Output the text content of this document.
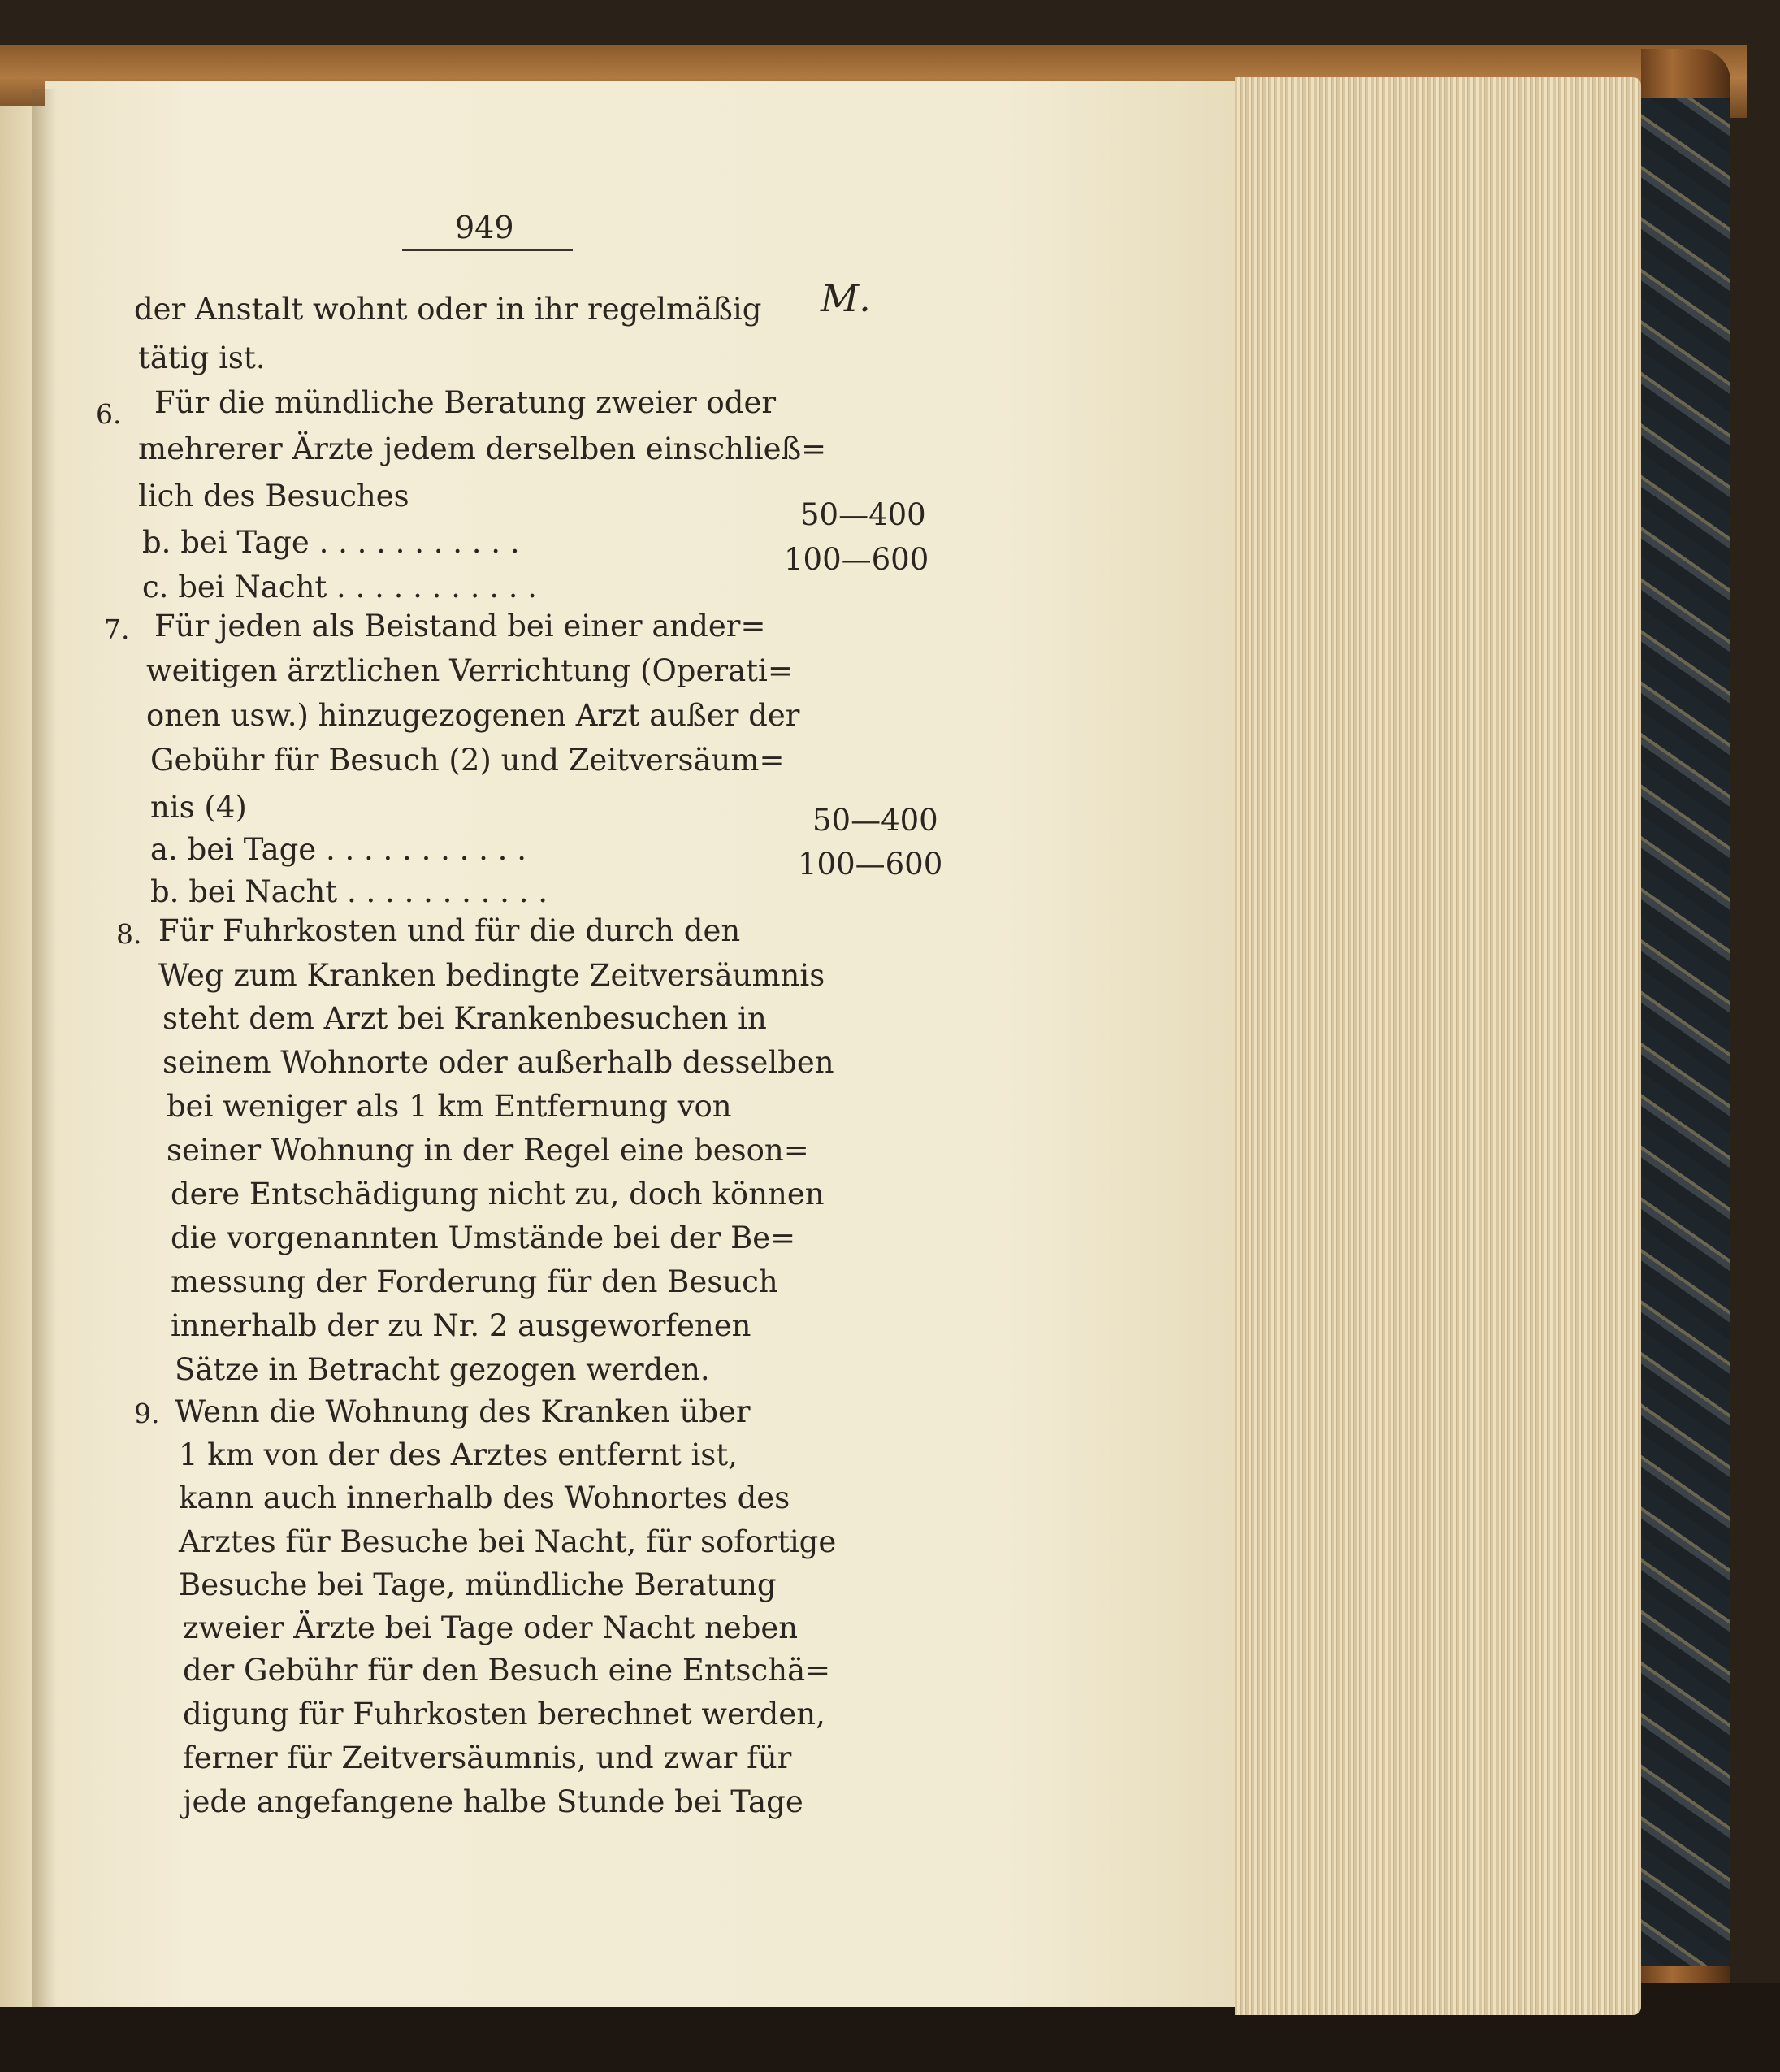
949
M.
6.
7.
8.
9.
der Anstalt wohnt oder in ihr regelmäßig
tätig ist.
Für die mündliche Beratung zweier oder
mehrerer Ärzte jedem derselben einschließ=
lich des Besuches
b. bei Tage . . . . . . . . . . .
c. bei Nacht . . . . . . . . . . .
Für jeden als Beistand bei einer ander=
weitigen ärztlichen Verrichtung (Operati=
onen usw.) hinzugezogenen Arzt außer der
Gebühr für Besuch (2) und Zeitversäum=
nis (4)
a. bei Tage . . . . . . . . . . .
b. bei Nacht . . . . . . . . . . .
Für Fuhrkosten und für die durch den
Weg zum Kranken bedingte Zeitversäumnis
steht dem Arzt bei Krankenbesuchen in
seinem Wohnorte oder außerhalb desselben
bei weniger als 1 km Entfernung von
seiner Wohnung in der Regel eine beson=
dere Entschädigung nicht zu, doch können
die vorgenannten Umstände bei der Be=
messung der Forderung für den Besuch
innerhalb der zu Nr. 2 ausgeworfenen
Sätze in Betracht gezogen werden.
Wenn die Wohnung des Kranken über
1 km von der des Arztes entfernt ist,
kann auch innerhalb des Wohnortes des
Arztes für Besuche bei Nacht, für sofortige
Besuche bei Tage, mündliche Beratung
zweier Ärzte bei Tage oder Nacht neben
der Gebühr für den Besuch eine Entschä=
digung für Fuhrkosten berechnet werden,
ferner für Zeitversäumnis, und zwar für
jede angefangene halbe Stunde bei Tage
50—400
100—600
50—400
100—600
